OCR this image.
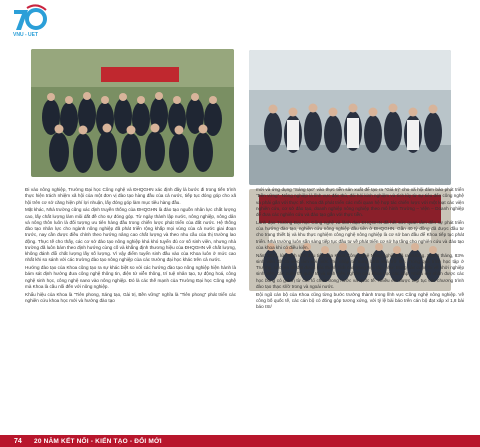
VNU - UET

Đi vào nông nghiệp, Trường Đại học Công nghệ và ĐHQGHN xác định đây là bước đi trong tiến trình thực hiện trách nhiệm xã hội của một đơn vị đào tạo hàng đầu của cả nước, tiếp tục đóng góp cho xã hội trên cơ sở căng hiện phí lợi nhuận, lấy đóng góp làm mục tiêu hàng đầu.

Mặt khác, Nhà trường cũng xác định truyền thống của ĐHQGHN là đào tạo nguồn nhân lực chất lượng cao, lấy chất lượng làm mũi dắt đề cho sự đóng góp. Từ ngày thành lập nước, nông nghiệp, nông dân và nông thôn luôn là đối tượng ưu tiên hàng đầu trong chiến lược phát triển của đất nước. Hệ thống đào tạo nhân lực cho ngành nông nghiệp đã phát triển rộng khắp mọi vùng của cả nước giai đoạn trước, nay cần được điều chỉnh theo hướng nâng cao chất lượng và theo nhu cầu của thị trường lao động. Thực tế cho thấy, các cơ sở đào tạo nông nghiệp khá khó tuyển đủ cơ số sinh viên, nhưng nhà trường đã luôn bám theo định hướng cùng cố và khẳng định thương hiệu của ĐHQGHN về chất lượng, không đánh đổi chất lượng lấy số lượng. Vì vậy điểm tuyển sinh đầu vào của Khoa luôn ở mức cao nhất khi so sánh với các trường đào tạo nông nghiệp của các trường đại học khác trên cả nước.

Hướng đào tạo của Khoa cũng tạo ra sự khác biệt so với các hướng đào tạo nông nghiệp hiện hành là bám sát định hướng đưa công nghệ thông tin, điện tử viễn thông, trí tuệ nhân tạo, tự động hoá, công nghệ sinh học, công nghệ nano vào nông nghiệp. Đó là các thế mạnh của Trường Đại học Công nghệ mà Khoa là cầu nối đến với nông nghiệp.

Khẩu hiệu của Khoa là "Tiên phong, Sáng tạo, Gài trị, Bền vững" nghĩa là "Tiên phong" phát triển các nghiên cứu khoa học mới và hướng đào tạo

mới và ứng dụng "Sáng tạo" vào thực tiễn sản xuất để tạo ra "Giá trị" cho xã hội đảm bảo phát triển "Bền vững". Nông nghiệp là lĩnh vực đặc thù, đòi hỏi kinh nghiệm và tích lũy từ sự tiêu đến công nghệ và phải gắn với thực tế. Khoa đã phát triển các mối quan hệ hợp tác chiến lược với một loạt các viện nghiên cứu, cơ sở đào tạo, doanh nghiệp nông nghiệp theo mô hình Trường – Viện – Doanh nghiệp để đưa các nghiên cứu và đào tạo gắn với thực tiễn.

Lãnh đạo Trường Đại học Công nghệ và lãnh đạo ĐHQGHN đã hết sức quan tâm đến sự phát triển của hướng đào tạo, nghiên cứu nông nghiệp đầu tiên ở ĐHQGHN. Gần 40 tỷ đồng đã được đầu tư cho trang thiết bị và khu thực nghiệm công nghệ nông nghiệp là cơ sở ban đầu để Khoa tiếp tục phát triển. Nhà trường luôn sẵn sàng tiếp tục đầu tư về phát triển cơ sở hạ tầng cho nghiên cứu và đào tạo của khoa khi có điều kiện.

Năm 2024, lứa sinh viên đầu tiên của Khoa Công nghệ Nông nghiệp đã ra trường. Sau 6 tháng, 83% sinh viên đã có việc làm với mức thu nhập từ trung bình khá trở lên. Trong quá trình học tập ở Trường, các em đã đạt được các thành tích cao trong học tập, như: trong các cuộc thi về khởi nghiệp sinh viên, các cuộc thi quốc tế và sinh viên nghiên cứu khoa học các cấp. Nhiều em nhận được các học bổng có giá trị từ các tổ chức trong nước và quốc tế. Nhiều em được tiếp tục các chương trình đào tạo thạc sĩ/ở trong và ngoài nước.

Đội ngũ cán bộ của Khoa cũng từng bước trưởng thành trong lĩnh vực Công nghệ nông nghiệp. Về công bố quốc tế, các cán bộ có đóng góp tương xứng, với tỷ lệ bài báo trên cán bộ đạt xấp xỉ 1,8 bài báo ISI/

74 20 NĂM KẾT NỐI - KIẾN TẠO - ĐỔI MỚI
